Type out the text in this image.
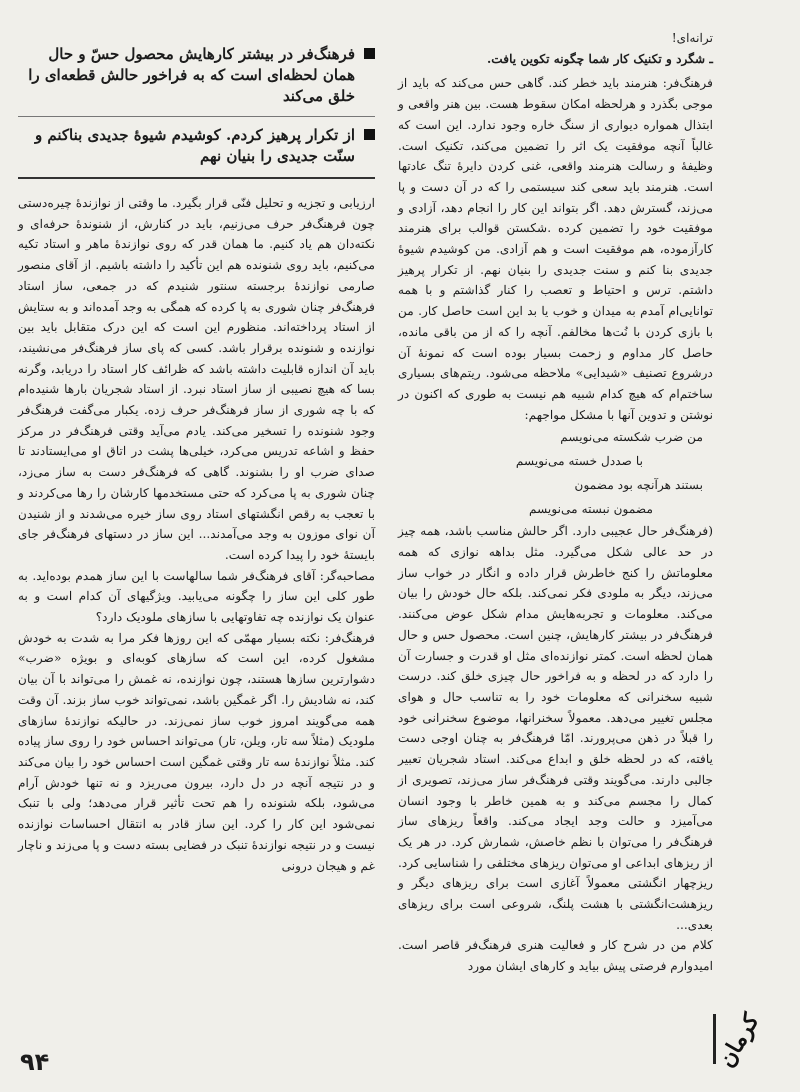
ترانه‌ای!

ـ شگرد و تکنیک کار شما چگونه تکوین یافت.

فرهنگ‌فر: هنرمند باید خطر کند. گاهی حس می‌کند که باید از موجی بگذرد و هرلحظه امکان سقوط هست. بین هنر واقعی و ابتذال همواره دیواری از سنگ خاره وجود ندارد. این است که غالباً آنچه موفقیت یک اثر را تضمین می‌کند، تکنیک است. وظیفهٔ و رسالت هنرمند واقعی، غنی کردن دایرهٔ تنگ عادتها است. هنرمند باید سعی کند سیستمی را که در آن دست و پا می‌زند، گسترش دهد. اگر بتواند این کار را انجام دهد، آزادی و موفقیت خود را تضمین کرده .شکستن قوالب برای هنرمند کارآزموده، هم موفقیت است و هم آزادی. من کوشیدم شیوهٔ جدیدی بنا کنم و سنت جدیدی را بنیان نهم. از تکرار پرهیز داشتم. ترس و احتیاط و تعصب را کنار گذاشتم و با همه توانایی‌ام آمدم به میدان و خوب یا بد این است حاصل کار. من با بازی کردن با نُت‌ها مخالفم. آنچه را که از من باقی مانده، حاصل کار مداوم و زحمت بسیار بوده است که نمونهٔ آن درشروع تصنیف «شیدایی» ملاحظه می‌شود. ریتم‌های بسیاری ساختم‌ام که هیچ کدام شبیه هم نیست به طوری که اکنون در نوشتن و تدوین آنها با مشکل مواجهم:

من ضرب شکسته می‌نویسم
با صددل خسته می‌نویسم
بستند هرآنچه بود مضمون
مضمون نبسته می‌نویسم

(فرهنگ‌فر حال عجیبی دارد. اگر حالش مناسب باشد، همه چیز در حد عالی شکل می‌گیرد. مثل بداهه نوازی که همه معلوماتش را کنج خاطرش قرار داده و انگار در خواب ساز می‌زند، دیگر به ملودی فکر نمی‌کند. بلکه حال خودش را بیان می‌کند. معلومات و تجربه‌هایش مدام شکل عوض می‌کنند. فرهنگ‌فر در بیشتر کارهایش، چنین است. محصول حس و حال همان لحظه است. کمتر نوازنده‌ای مثل او قدرت و جسارت آن را دارد که در لحظه و به فراخور حال چیزی خلق کند. درست شبیه سخنرانی که معلومات خود را به تناسب حال و هوای مجلس تغییر می‌دهد. معمولاً سخنرانها، موضوع سخنرانی خود را قبلاً در ذهن می‌پرورند. امّا فرهنگ‌فر به چنان اوجی دست یافته، که در لحظه خلق و ابداع می‌کند. استاد شجریان تعبیر جالبی دارند. می‌گویند وقتی فرهنگ‌فر ساز می‌زند، تصویری از کمال را مجسم می‌کند و به همین خاطر با وجود انسان می‌آمیزد و حالت وجد ایجاد می‌کند. واقعاً ریزهای ساز فرهنگ‌فر را می‌توان با نظم خاصش، شمارش کرد. در هر یک از ریزهای ابداعی او می‌توان ریزهای مختلفی را شناسایی کرد. ریزچهار انگشتی معمولاً آغازی است برای ریزهای دیگر و ریزهشت‌انگشتی با هشت پلنگ، شروعی است برای ریزهای بعدی...

کلام من در شرح کار و فعالیت هنری فرهنگ‌فر قاصر است. امیدوارم فرصتی پیش بیاید و کارهای ایشان مورد

فرهنگ‌فر در بیشتر کارهایش محصول حسّ و حال همان لحظه‌ای است که به فراخور حالش قطعه‌ای را خلق می‌کند
از تکرار پرهیز کردم. کوشیدم شیوهٔ جدیدی بناکنم و سنّت جدیدی را بنیان نهم

ارزیابی و تجزیه و تحلیل فنّی قرار بگیرد. ما وقتی از نوازندهٔ چیره‌دستی چون فرهنگ‌فر حرف می‌زنیم، باید در کنارش، از شنوندهٔ حرفه‌ای و نکته‌دان هم یاد کنیم. ما همان قدر که روی نوازندهٔ ماهر و استاد تکیه می‌کنیم، باید روی شنونده هم این تأکید را داشته باشیم. از آقای منصور صارمی نوازندهٔ برجسته سنتور شنیدم که در جمعی، ساز استاد فرهنگ‌فر چنان شوری به پا کرده که همگی به وجد آمده‌اند و به ستایش از استاد پرداخته‌اند. منظورم این است که این درک متقابل باید بین نوازنده و شنونده برقرار باشد. کسی که پای ساز فرهنگ‌فر می‌نشیند، باید آن اندازه قابلیت داشته باشد که ظرائف کار استاد را دریابد، وگرنه بسا که هیچ نصیبی از ساز استاد نبرد. از استاد شجریان بارها شنیده‌ام که با چه شوری از ساز فرهنگ‌فر حرف زده. یکبار می‌گفت فرهنگ‌فر وجود شنونده را تسخیر می‌کند. یادم می‌آید وقتی فرهنگ‌فر در مرکز حفظ و اشاعه تدریس می‌کرد، خیلی‌ها پشت در اتاق او می‌ایستادند تا صدای ضرب او را بشنوند. گاهی که فرهنگ‌فر دست به ساز می‌زد، چنان شوری به پا می‌کرد که حتی مستخدمها کارشان را رها می‌کردند و با تعجب به رقص انگشتهای استاد روی ساز خیره می‌شدند و از شنیدن آن نوای موزون به وجد می‌آمدند... این ساز در دستهای فرهنگ‌فر جای بایستهٔ خود را پیدا کرده است.

مصاحبه‌گر: آقای فرهنگ‌فر شما سالهاست با این ساز همدم بوده‌اید. به طور کلی این ساز را چگونه می‌یابید. ویژگیهای آن کدام است و به عنوان یک نوازنده چه تفاوتهایی با سازهای ملودیک دارد؟

فرهنگ‌فر: نکته بسیار مهمّی که این روزها فکر مرا به شدت به خودش مشغول کرده، این است که سازهای کوبه‌ای و بویژه «ضرب» دشوارترین سازها هستند، چون نوازنده، نه غمش را می‌تواند با آن بیان کند، نه شادیش را. اگر غمگین باشد، نمی‌تواند خوب ساز بزند. آن وقت همه می‌گویند امروز خوب ساز نمی‌زند. در حالیکه نوازندهٔ سازهای ملودیک (مثلاً سه تار، ویلن، تار) می‌تواند احساس خود را روی ساز پیاده کند. مثلاً نوازندهٔ سه تار وقتی غمگین است احساس خود را بیان می‌کند و در نتیجه آنچه در دل دارد، بیرون می‌ریزد و نه تنها خودش آرام می‌شود، بلکه شنونده را هم تحت تأثیر قرار می‌دهد؛ ولی با تنبک نمی‌شود این کار را کرد. این ساز قادر به انتقال احساسات نوازنده نیست و در نتیجه نوازندهٔ تنبک در فضایی بسته دست و پا می‌زند و ناچار غم و هیجان درونی

کرمان
۹۴
